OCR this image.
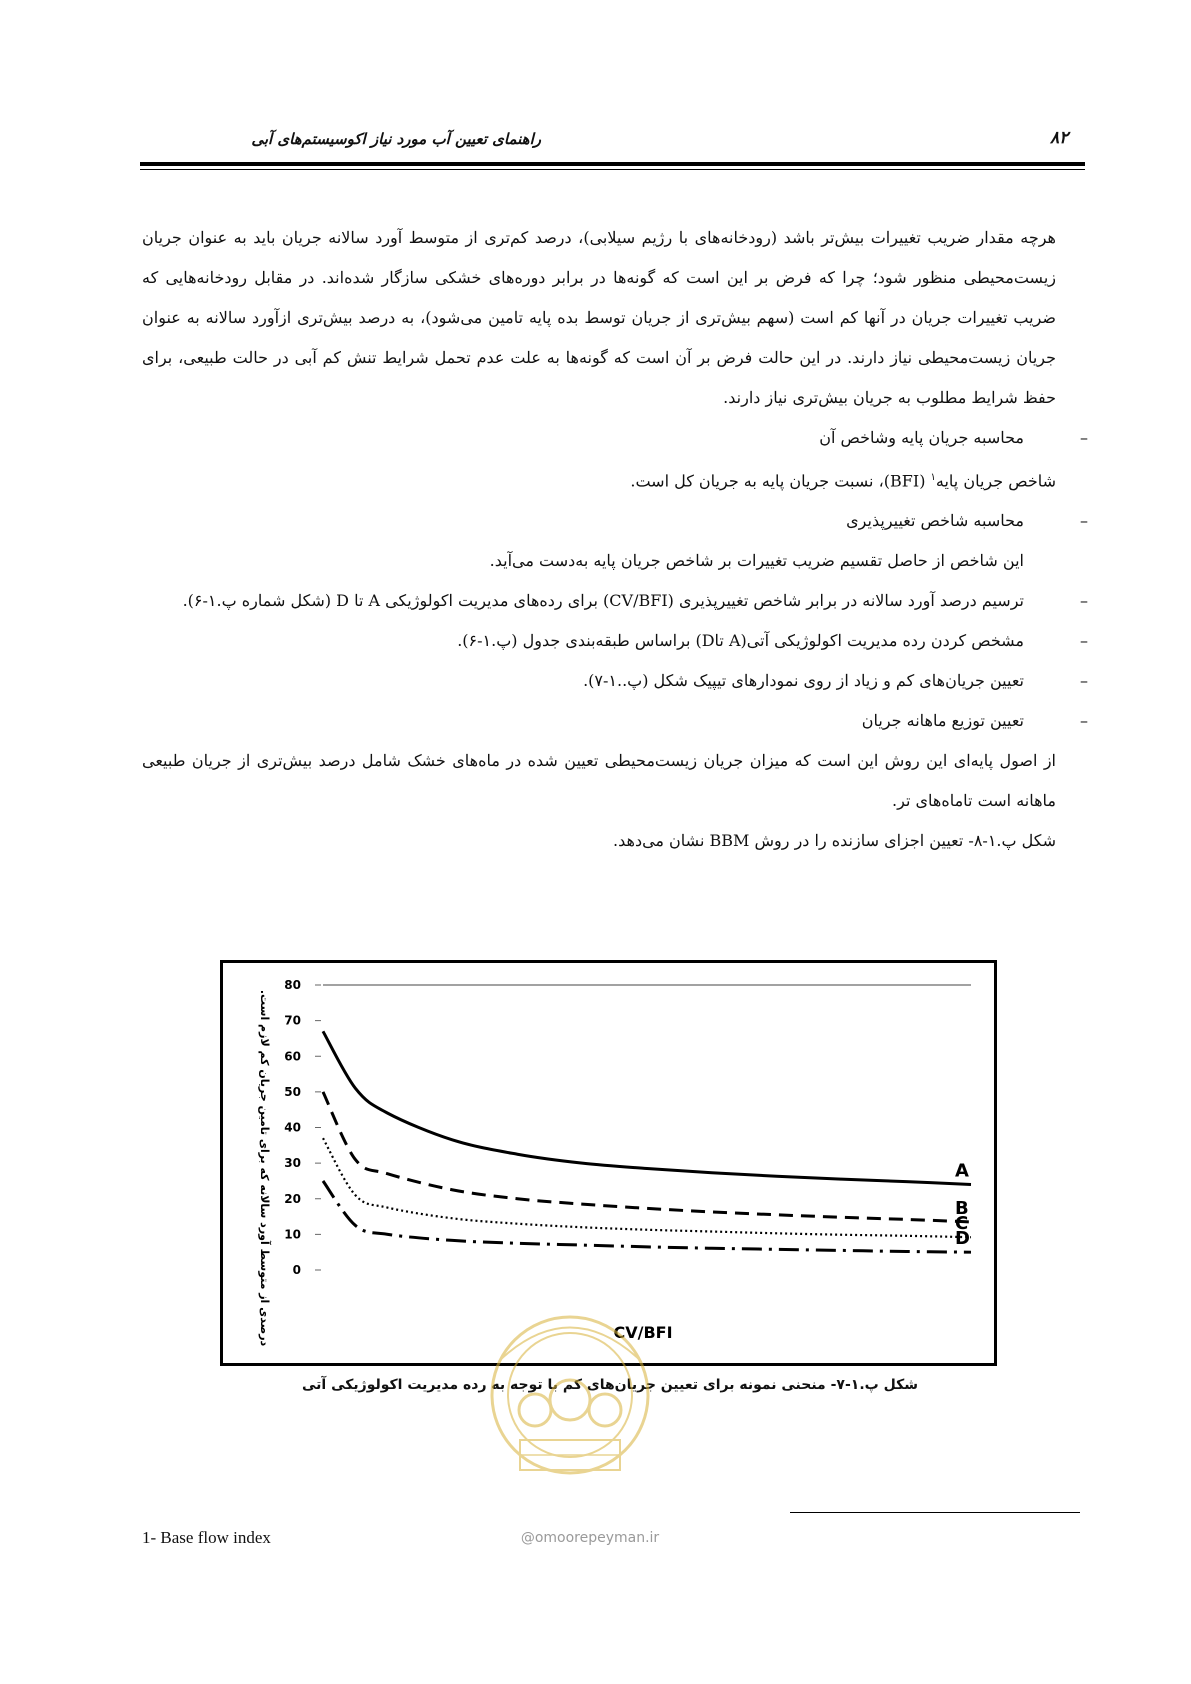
راهنمای تعیین آب مورد نیاز اکوسیستم‌های آبی	۸۲

هرچه مقدار ضریب تغییرات بیش‌تر باشد (رودخانه‌های با رژیم سیلابی)، درصد کم‌تری از متوسط آورد سالانه جریان باید به عنوان جریان زیست‌محیطی منظور شود؛ چرا که فرض بر این است که گونه‌ها در برابر دوره‌های خشکی سازگار شده‌اند. در مقابل رودخانه‌هایی که ضریب تغییرات جریان در آنها کم است (سهم بیش‌تری از جریان توسط بده پایه تامین می‌شود)، به درصد بیش‌تری ازآورد سالانه به عنوان جریان زیست‌محیطی نیاز دارند. در این حالت فرض بر آن است که گونه‌ها به علت عدم تحمل شرایط تنش کم آبی در حالت طبیعی، برای حفظ شرایط مطلوب به جریان بیش‌تری نیاز دارند.

–محاسبه جریان پایه وشاخص آن

شاخص جریان پایه$^۱$ (BFI)، نسبت جریان پایه به جریان کل است.

–محاسبه شاخص تغییرپذیری

این شاخص از حاصل تقسیم ضریب تغییرات بر شاخص جریان پایه به‌دست می‌آید.

–ترسیم درصد آورد سالانه در برابر شاخص تغییرپذیری (CV/BFI) برای رده‌های مدیریت اکولوژیکی A تا D (شکل شماره پ.۱-۶).

–مشخص کردن رده مدیریت اکولوژیکی آتی(A تاD) براساس طبقه‌بندی جدول (پ.۱-۶).

–تعیین جریان‌های کم و زیاد از روی نمودارهای تیپیک شکل (پ..۱-۷).

–تعیین توزیع ماهانه جریان

از اصول پایه‌ای این روش این است که میزان جریان زیست‌محیطی تعیین شده در ماه‌های خشک شامل درصد بیش‌تری از جریان طبیعی ماهانه است تاماه‌های تر.

شکل پ.۱-۸- تعیین اجزای سازنده را در روش BBM نشان می‌دهد.

0
10
20
30
40
50
60
70
80
A
B
C
D
CV/BFI
درصدی از متوسط آورد سالانه که برای تامین جریان کم لازم است.
شکل پ.۱-۷- منحنی نمونه برای تعیین جریان‌های کم با توجه به رده مدیریت اکولوژیکی آتی
@omoorepeyman.ir
1- Base flow index
